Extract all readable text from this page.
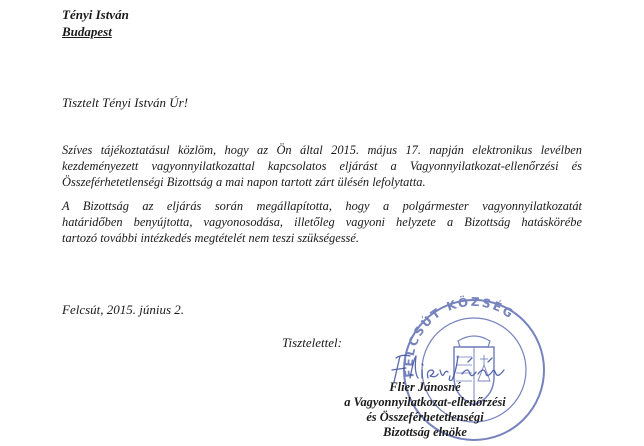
Tényi István
Budapest
Tisztelt Tényi István Úr!
Szíves tájékoztatásul közlöm, hogy az Ön által 2015. május 17. napján elektronikus levélben
kezdeményezett vagyonnyilatkozattal kapcsolatos eljárást a Vagyonnyilatkozat-ellenőrzési és
Összeférhetetlenségi Bizottság a mai napon tartott zárt ülésén lefolytatta.
A Bizottság az eljárás során megállapította, hogy a polgármester vagyonnyilatkozatát
határidőben benyújtotta, vagyonosodása, illetőleg vagyoni helyzete a Bizottság hatáskörébe
tartozó további intézkedés megtételét nem teszi szükségessé.
Felcsút, 2015. június 2.
Tisztelettel:
FELCSÚT KÖZSÉG
Flier Jánosné
a Vagyonnyilatkozat-ellenőrzési
és Összeférhetetlenségi
Bizottság elnöke
